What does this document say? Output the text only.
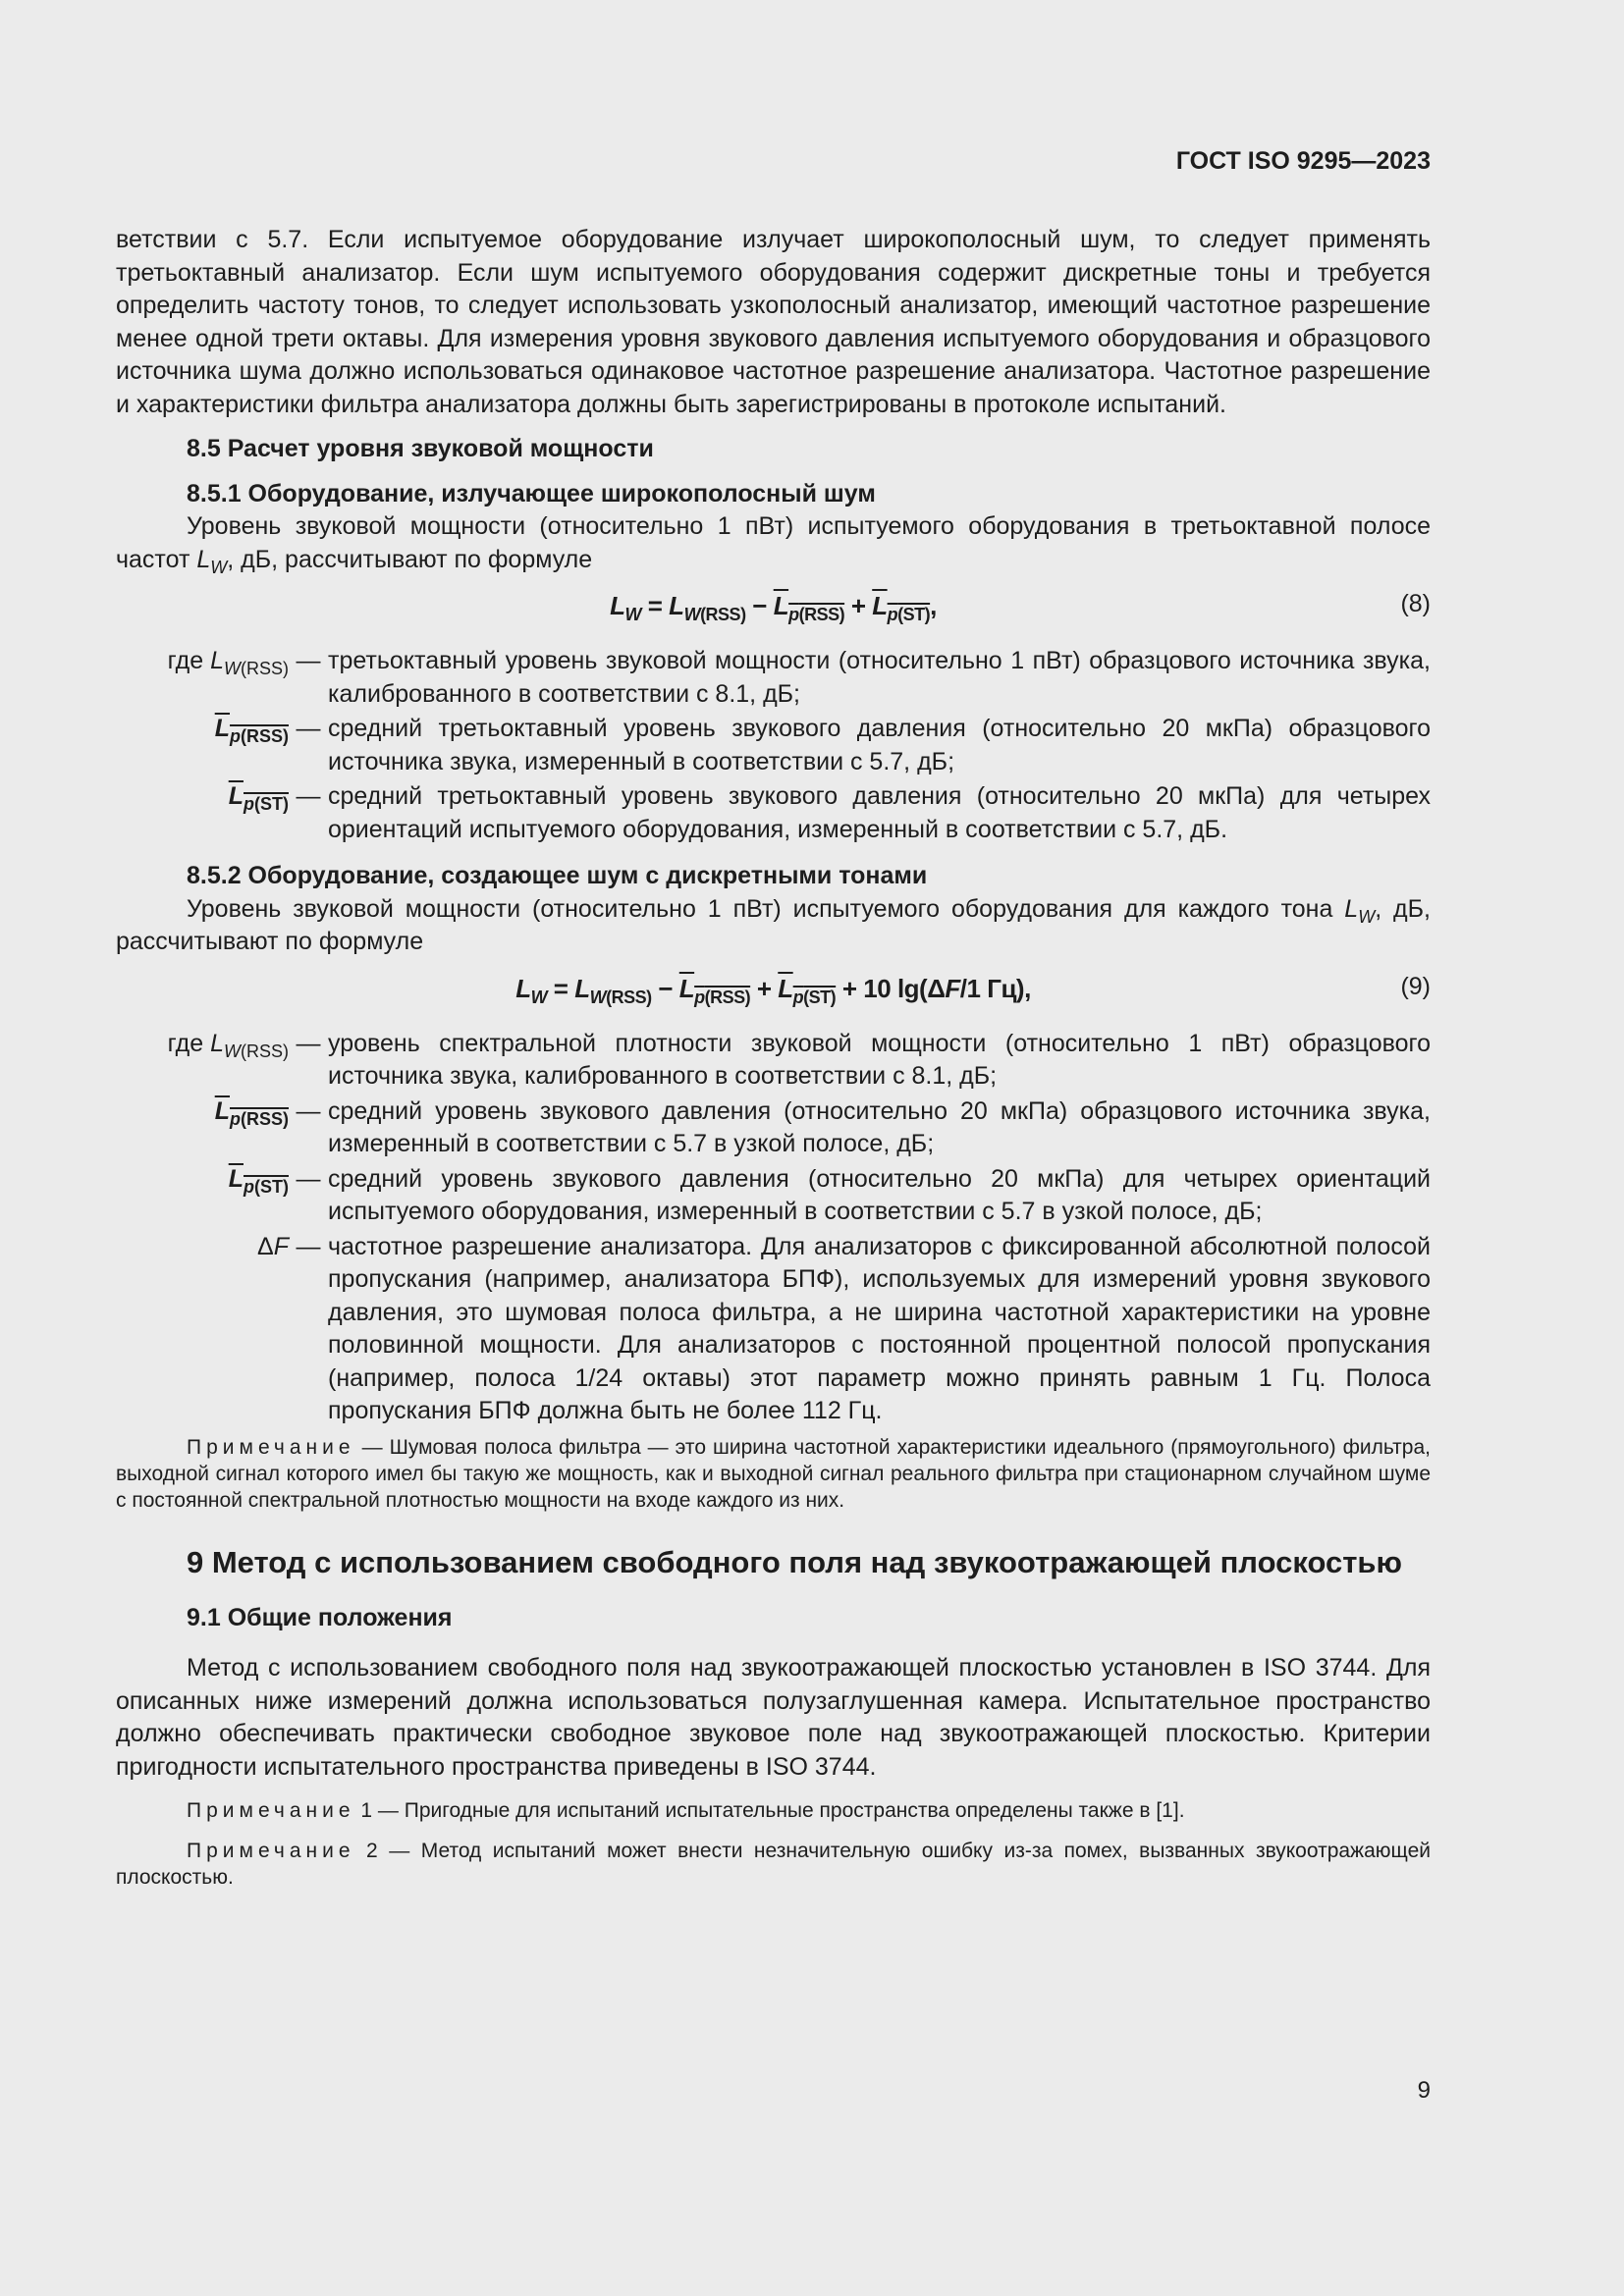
ГОСТ ISO 9295—2023

ветствии с 5.7. Если испытуемое оборудование излучает широкополосный шум, то следует применять третьоктавный анализатор. Если шум испытуемого оборудования содержит дискретные тоны и требуется определить частоту тонов, то следует использовать узкополосный анализатор, имеющий частотное разрешение менее одной трети октавы. Для измерения уровня звукового давления испытуемого оборудования и образцового источника шума должно использоваться одинаковое частотное разрешение анализатора. Частотное разрешение и характеристики фильтра анализатора должны быть зарегистрированы в протоколе испытаний.

8.5 Расчет уровня звуковой мощности
8.5.1 Оборудование, излучающее широкополосный шум

Уровень звуковой мощности (относительно 1 пВт) испытуемого оборудования в третьоктавной полосе частот $L_W$, дБ, рассчитывают по формуле

$L_W = L_{W(RSS)} - L_{p(RSS)} + L_{p(ST)}$,	(8)
где $L_{W(RSS)}$ — третьоктавный уровень звуковой мощности (относительно 1 пВт) образцового источника звука, калиброванного в соответствии с 8.1, дБ;
$L_{p(RSS)}$ — средний третьоктавный уровень звукового давления (относительно 20 мкПа) образцового источника звука, измеренный в соответствии с 5.7, дБ;
$L_{p(ST)}$ — средний третьоктавный уровень звукового давления (относительно 20 мкПа) для четырех ориентаций испытуемого оборудования, измеренный в соответствии с 5.7, дБ.
8.5.2 Оборудование, создающее шум с дискретными тонами

Уровень звуковой мощности (относительно 1 пВт) испытуемого оборудования для каждого тона $L_W$, дБ, рассчитывают по формуле

$L_W = L_{W(RSS)} - L_{p(RSS)} + L_{p(ST)} + 10$ lg(ΔF/1 Гц),	(9)
где $L_{W(RSS)}$ — уровень спектральной плотности звуковой мощности (относительно 1 пВт) образцового источника звука, калиброванного в соответствии с 8.1, дБ;
$L_{p(RSS)}$ — средний уровень звукового давления (относительно 20 мкПа) образцового источника звука, измеренный в соответствии с 5.7 в узкой полосе, дБ;
$L_{p(ST)}$ — средний уровень звукового давления (относительно 20 мкПа) для четырех ориентаций испытуемого оборудования, измеренный в соответствии с 5.7 в узкой полосе, дБ;
ΔF — частотное разрешение анализатора. Для анализаторов с фиксированной абсолютной полосой пропускания (например, анализатора БПФ), используемых для измерений уровня звукового давления, это шумовая полоса фильтра, а не ширина частотной характеристики на уровне половинной мощности. Для анализаторов с постоянной процентной полосой пропускания (например, полоса 1/24 октавы) этот параметр можно принять равным 1 Гц. Полоса пропускания БПФ должна быть не более 112 Гц.

Примечание — Шумовая полоса фильтра — это ширина частотной характеристики идеального (прямоугольного) фильтра, выходной сигнал которого имел бы такую же мощность, как и выходной сигнал реального фильтра при стационарном случайном шуме с постоянной спектральной плотностью мощности на входе каждого из них.

9 Метод с использованием свободного поля над звукоотражающей плоскостью
9.1 Общие положения

Метод с использованием свободного поля над звукоотражающей плоскостью установлен в ISO 3744. Для описанных ниже измерений должна использоваться полузаглушенная камера. Испытательное пространство должно обеспечивать практически свободное звуковое поле над звукоотражающей плоскостью. Критерии пригодности испытательного пространства приведены в ISO 3744.

Примечание 1 — Пригодные для испытаний испытательные пространства определены также в [1].

Примечание 2 — Метод испытаний может внести незначительную ошибку из-за помех, вызванных звукоотражающей плоскостью.

9
